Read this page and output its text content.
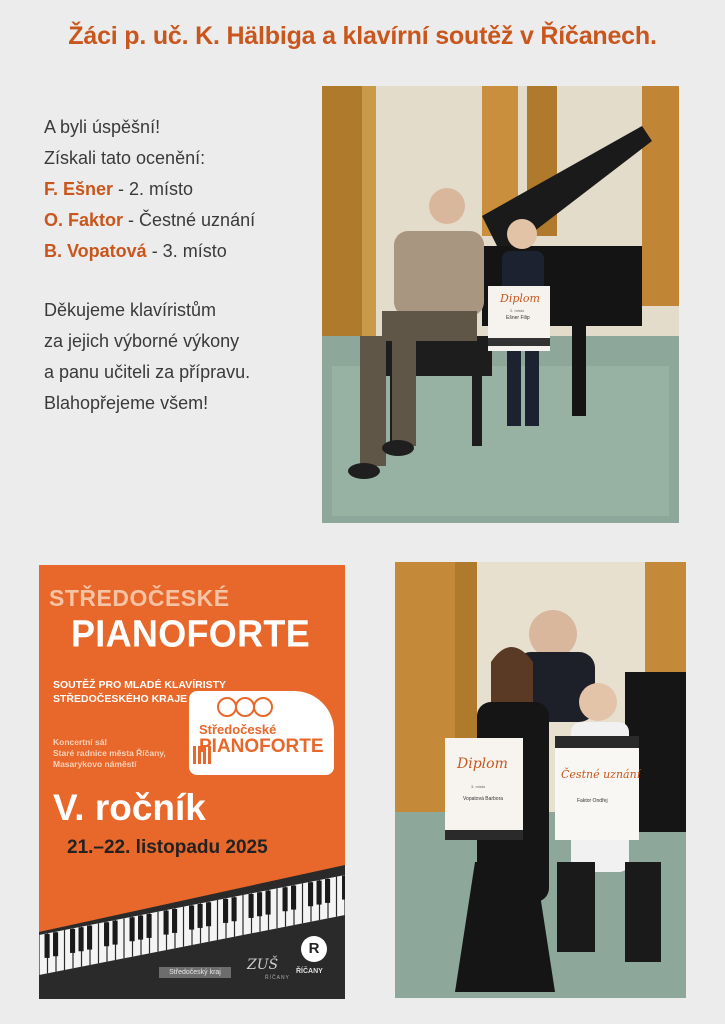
Žáci p. uč. K. Hälbiga a klavírní soutěž v Říčanech.
A byli úspěšní!
Získali tato ocenění:
F. Ešner - 2. místo
O. Faktor - Čestné uznání
B. Vopatová - 3. místo
Děkujeme klavíristům
za jejich výborné výkony
a panu učiteli za přípravu.
Blahopřejeme všem!
Diplom
2. místo
Ešner Filip
STŘEDOČESKÉ
PIANOFORTE
SOUTĚŽ PRO MLADÉ KLAVÍRISTY
STŘEDOČESKÉHO KRAJE
Koncertní sál
Staré radnice města Říčany,
Masarykovo náměstí
Středočeské
PIANOFORTE
V. ročník
21.–22. listopadu 2025
Středočeský kraj	ZUŠ
ŘÍČANY
R
ŘÍČANY
Diplom
3. místo
Vopatová Barbora
Čestné uznání
Faktor Ondřej
